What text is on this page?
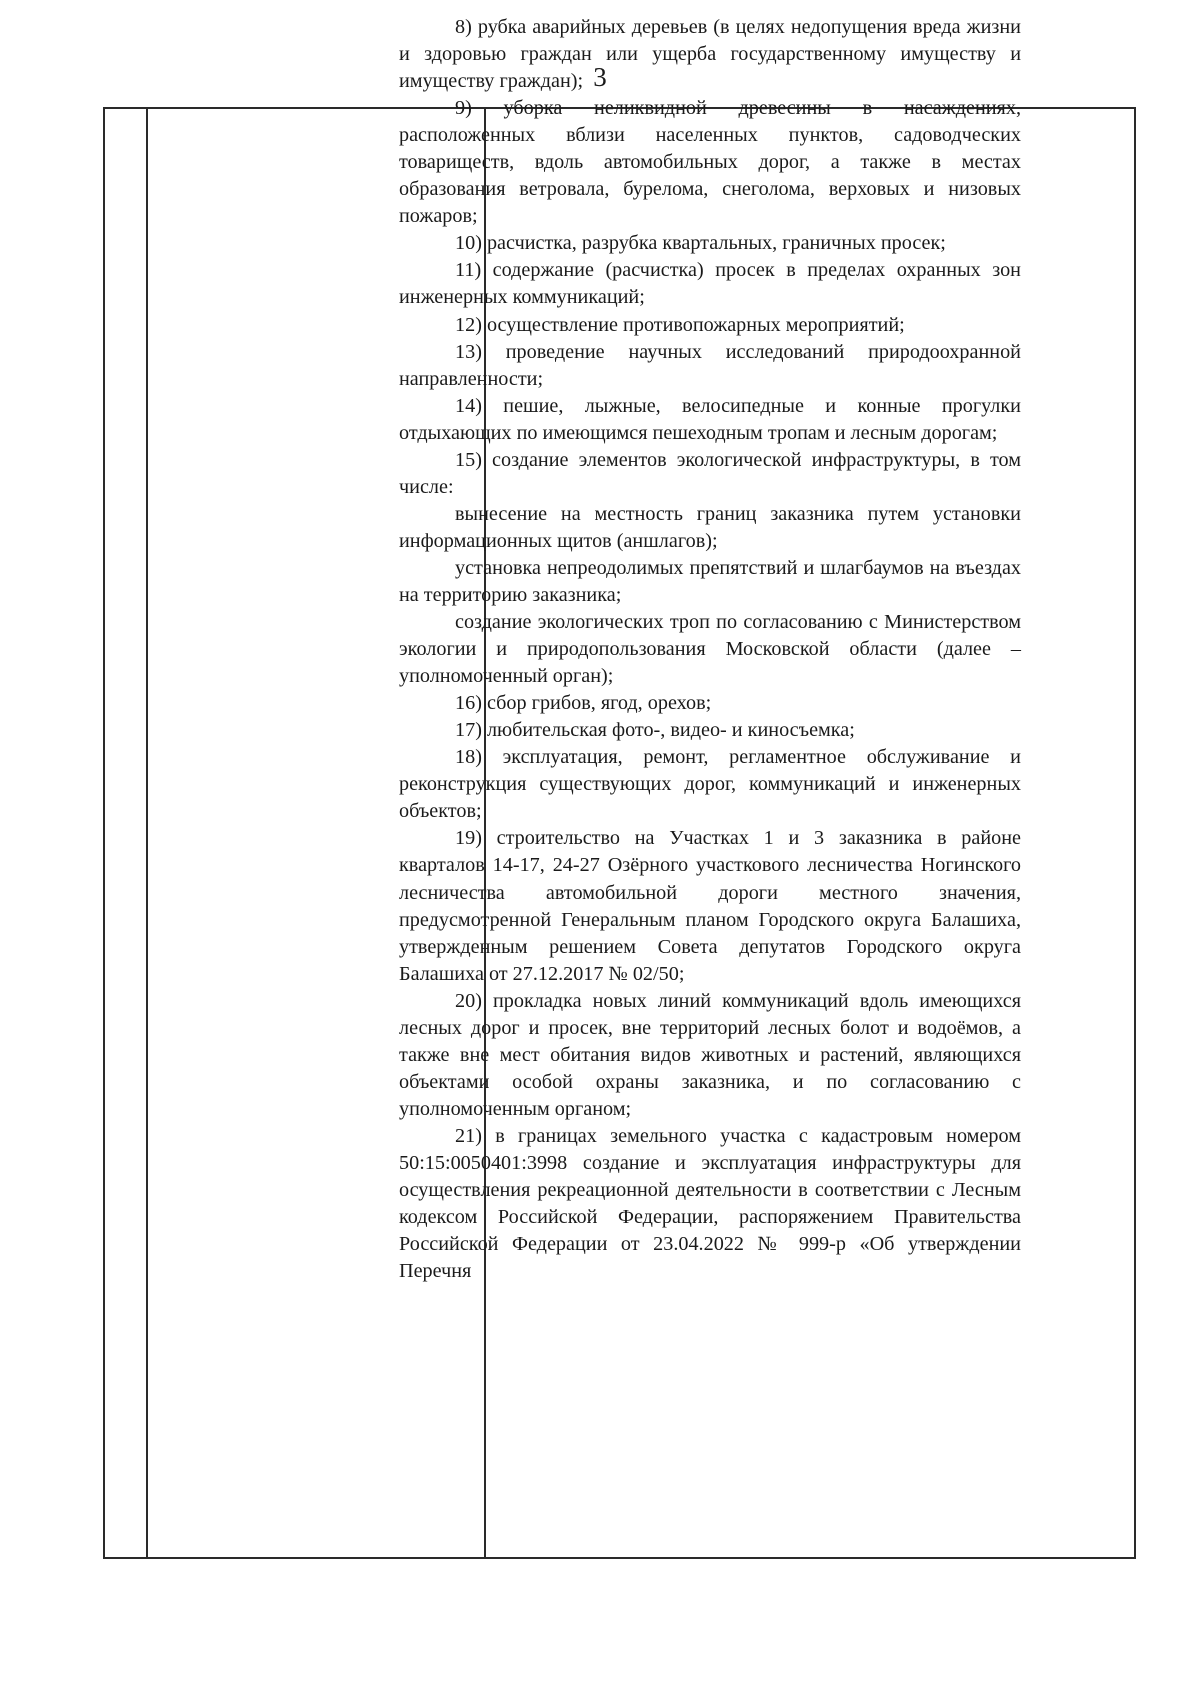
3

8) рубка аварийных деревьев (в целях недопущения вреда жизни и здоровью граждан или ущерба государственному имуществу и имуществу граждан);

9) уборка неликвидной древесины в насаждениях, расположенных вблизи населенных пунктов, садоводческих товариществ, вдоль автомобильных дорог, а также в местах образования ветровала, бурелома, снеголома, верховых и низовых пожаров;

10) расчистка, разрубка квартальных, граничных просек;

11) содержание (расчистка) просек в пределах охранных зон инженерных коммуникаций;

12) осуществление противопожарных мероприятий;

13) проведение научных исследований природоохранной направленности;

14) пешие, лыжные, велосипедные и конные прогулки отдыхающих по имеющимся пешеходным тропам и лесным дорогам;

15) создание элементов экологической инфраструктуры, в том числе:

вынесение на местность границ заказника путем установки информационных щитов (аншлагов);

установка непреодолимых препятствий и шлагбаумов на въездах на территорию заказника;

создание экологических троп по согласованию с Министерством экологии и природопользования Московской области (далее – уполномоченный орган);

16) сбор грибов, ягод, орехов;

17) любительская фото-, видео- и киносъемка;

18) эксплуатация, ремонт, регламентное обслуживание и реконструкция существующих дорог, коммуникаций и инженерных объектов;

19) строительство на Участках 1 и 3 заказника в районе кварталов 14-17, 24-27 Озёрного участкового лесничества Ногинского лесничества автомобильной дороги местного значения, предусмотренной Генеральным планом Городского округа Балашиха, утвержденным решением Совета депутатов Городского округа Балашиха от 27.12.2017 № 02/50;

20) прокладка новых линий коммуникаций вдоль имеющихся лесных дорог и просек, вне территорий лесных болот и водоёмов, а также вне мест обитания видов животных и растений, являющихся объектами особой охраны заказника, и по согласованию с уполномоченным органом;

21) в границах земельного участка с кадастровым номером 50:15:0050401:3998 создание и эксплуатация инфраструктуры для осуществления рекреационной деятельности в соответствии с Лесным кодексом Российской Федерации, распоряжением Правительства Российской Федерации от 23.04.2022 № 999-р «Об утверждении Перечня
